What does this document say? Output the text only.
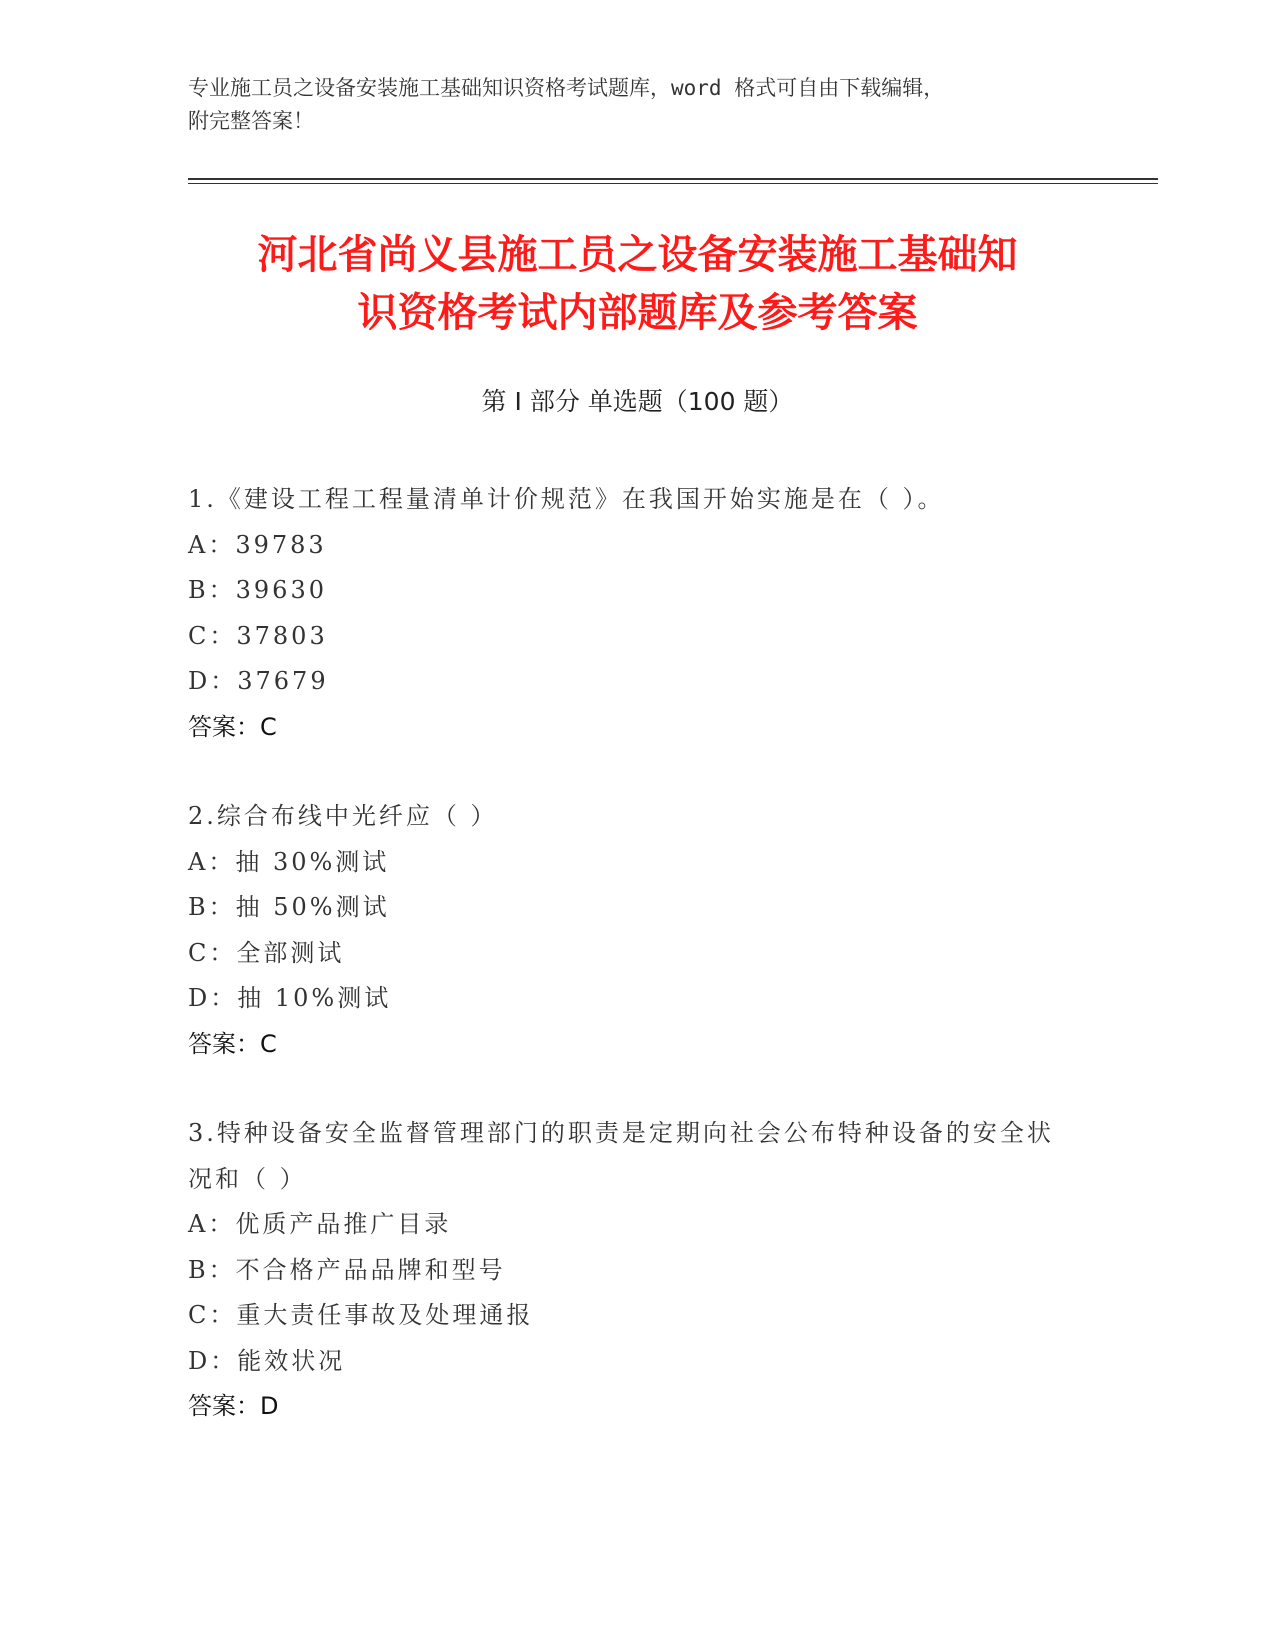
专业施工员之设备安装施工基础知识资格考试题库，word 格式可自由下载编辑，
附完整答案！
河北省尚义县施工员之设备安装施工基础知
识资格考试内部题库及参考答案
第 I 部分 单选题（100 题）

1.《建设工程工程量清单计价规范》在我国开始实施是在（ ）。

A：39783

B：39630

C：37803

D：37679

答案：C

2.综合布线中光纤应（ ）

A：抽 30%测试

B：抽 50%测试

C：全部测试

D：抽 10%测试

答案：C

3.特种设备安全监督管理部门的职责是定期向社会公布特种设备的安全状况和（ ）

A：优质产品推广目录

B：不合格产品品牌和型号

C：重大责任事故及处理通报

D：能效状况

答案：D
